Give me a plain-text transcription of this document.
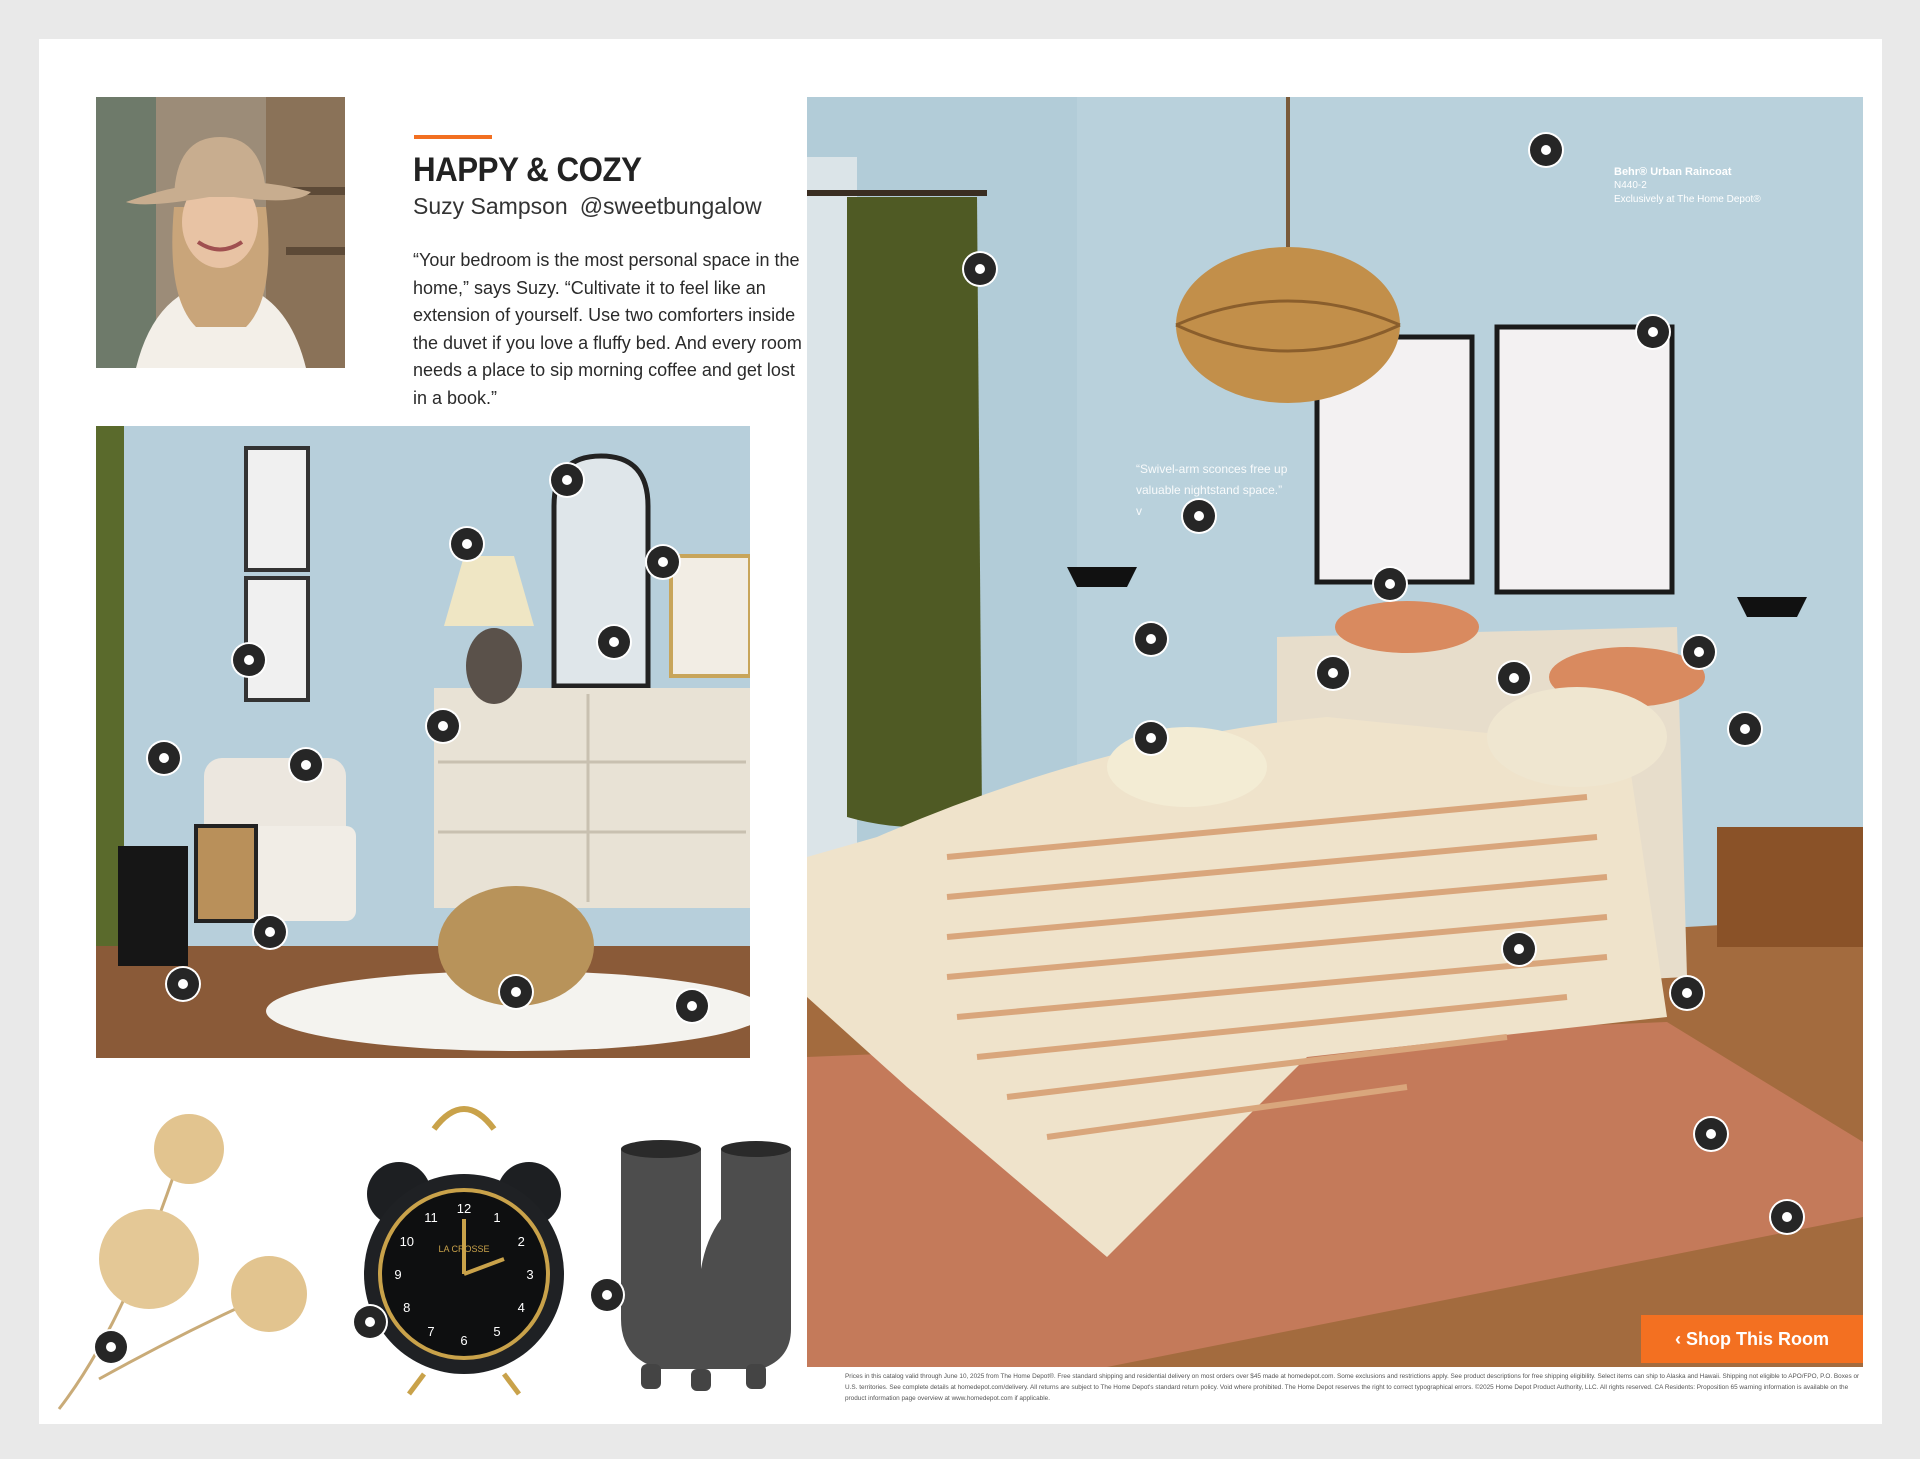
HAPPY & COZY
Suzy Sampson @sweetbungalow
“Your bedroom is the most personal space in the home,” says Suzy. “Cultivate it to feel like an extension of yourself. Use two comforters inside the duvet if you love a fluffy bed. And every room needs a place to sip morning coffee and get lost in a book.”
Behr® Urban Raincoat
N440-2
Exclusively at The Home Depot®
“Swivel-arm sconces free up valuable nightstand space.”
v
LA CROSSE
12
1
2
3
4
5
6
7
8
9
10
11
‹ Shop This Room
Prices in this catalog valid through June 10, 2025 from The Home Depot®. Free standard shipping and residential delivery on most orders over $45 made at homedepot.com. Some exclusions and restrictions apply. See product descriptions for free shipping eligibility. Select items can ship to Alaska and Hawaii. Shipping not eligible to APO/FPO, P.O. Boxes or U.S. territories. See complete details at homedepot.com/delivery. All returns are subject to The Home Depot's standard return policy. Void where prohibited. The Home Depot reserves the right to correct typographical errors. ©2025 Home Depot Product Authority, LLC. All rights reserved. CA Residents: Proposition 65 warning information is available on the product information page overview at www.homedepot.com if applicable.
